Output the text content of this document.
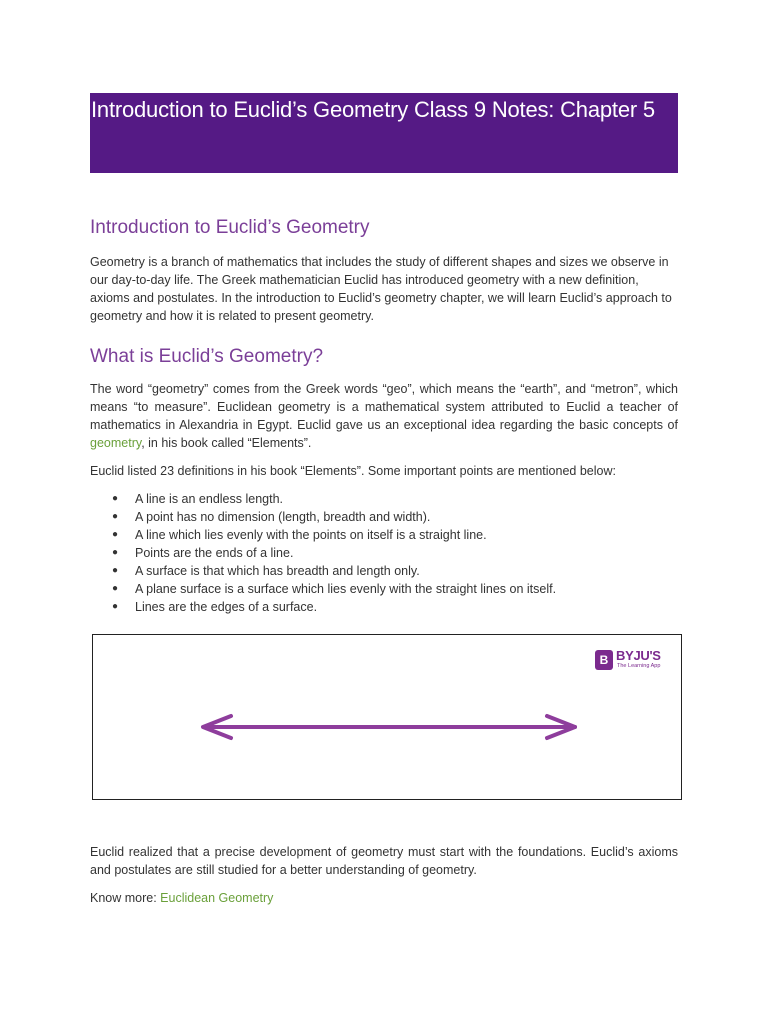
Introduction to Euclid’s Geometry Class 9 Notes: Chapter 5
Introduction to Euclid’s Geometry

Geometry is a branch of mathematics that includes the study of different shapes and sizes we observe in our day-to-day life. The Greek mathematician Euclid has introduced geometry with a new definition, axioms and postulates. In the introduction to Euclid’s geometry chapter, we will learn Euclid’s approach to geometry and how it is related to present geometry.

What is Euclid’s Geometry?

The word “geometry” comes from the Greek words “geo”, which means the “earth”, and “metron”, which means “to measure”. Euclidean geometry is a mathematical system attributed to Euclid a teacher of mathematics in Alexandria in Egypt. Euclid gave us an exceptional idea regarding the basic concepts of geometry, in his book called “Elements”.

Euclid listed 23 definitions in his book “Elements”. Some important points are mentioned below:

● A line is an endless length.
● A point has no dimension (length, breadth and width).
● A line which lies evenly with the points on itself is a straight line.
● Points are the ends of a line.
● A surface is that which has breadth and length only.
● A plane surface is a surface which lies evenly with the straight lines on itself.
● Lines are the edges of a surface.

Euclid realized that a precise development of geometry must start with the foundations. Euclid’s axioms and postulates are still studied for a better understanding of geometry.

Know more: Euclidean Geometry

B BYJU'S
The Learning App
